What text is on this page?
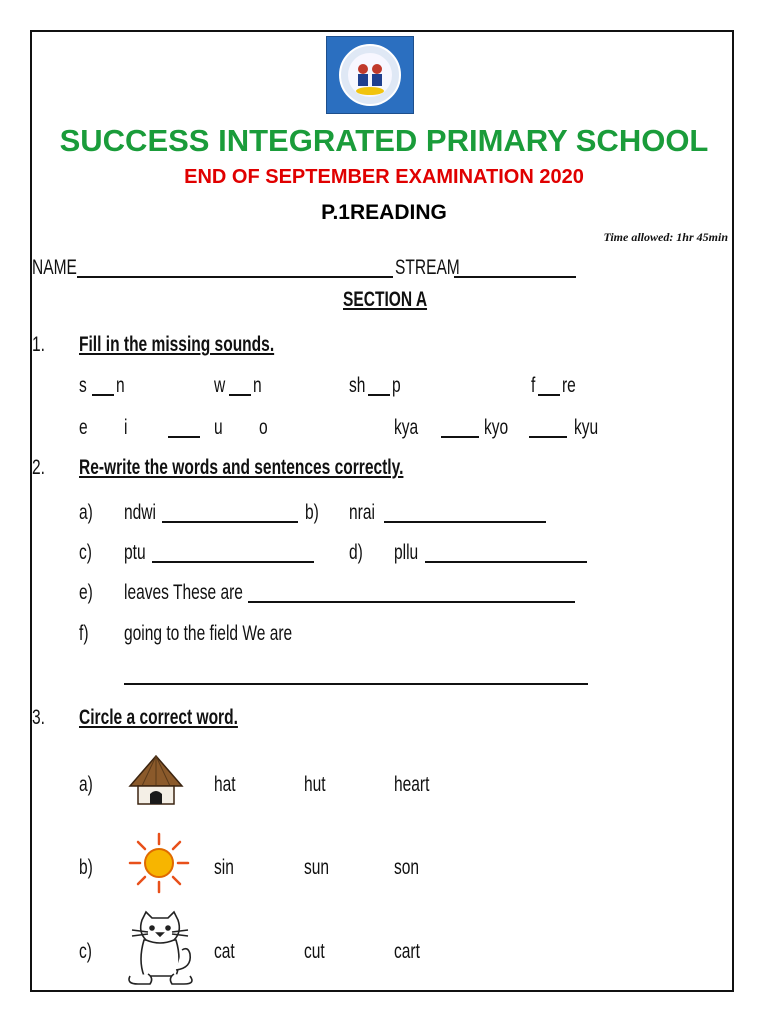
SUCCESS INTEGRATED PRIMARY SCHOOL
END OF SEPTEMBER EXAMINATION 2020
P.1READING
Time allowed: 1hr 45min
NAME	STREAM
SECTION A
1. Fill in the missing sounds.
s n	w n	sh p	f re
e i	u o	kya	kyo	kyu
2. Re-write the words and sentences correctly.
a) ndwi	b) nrai
c) ptu	d) pllu
e) leaves These are
f) going to the field We are
3. Circle a correct word.
a)	hat	hut	heart
b)	sin	sun	son
c)	cat	cut	cart
